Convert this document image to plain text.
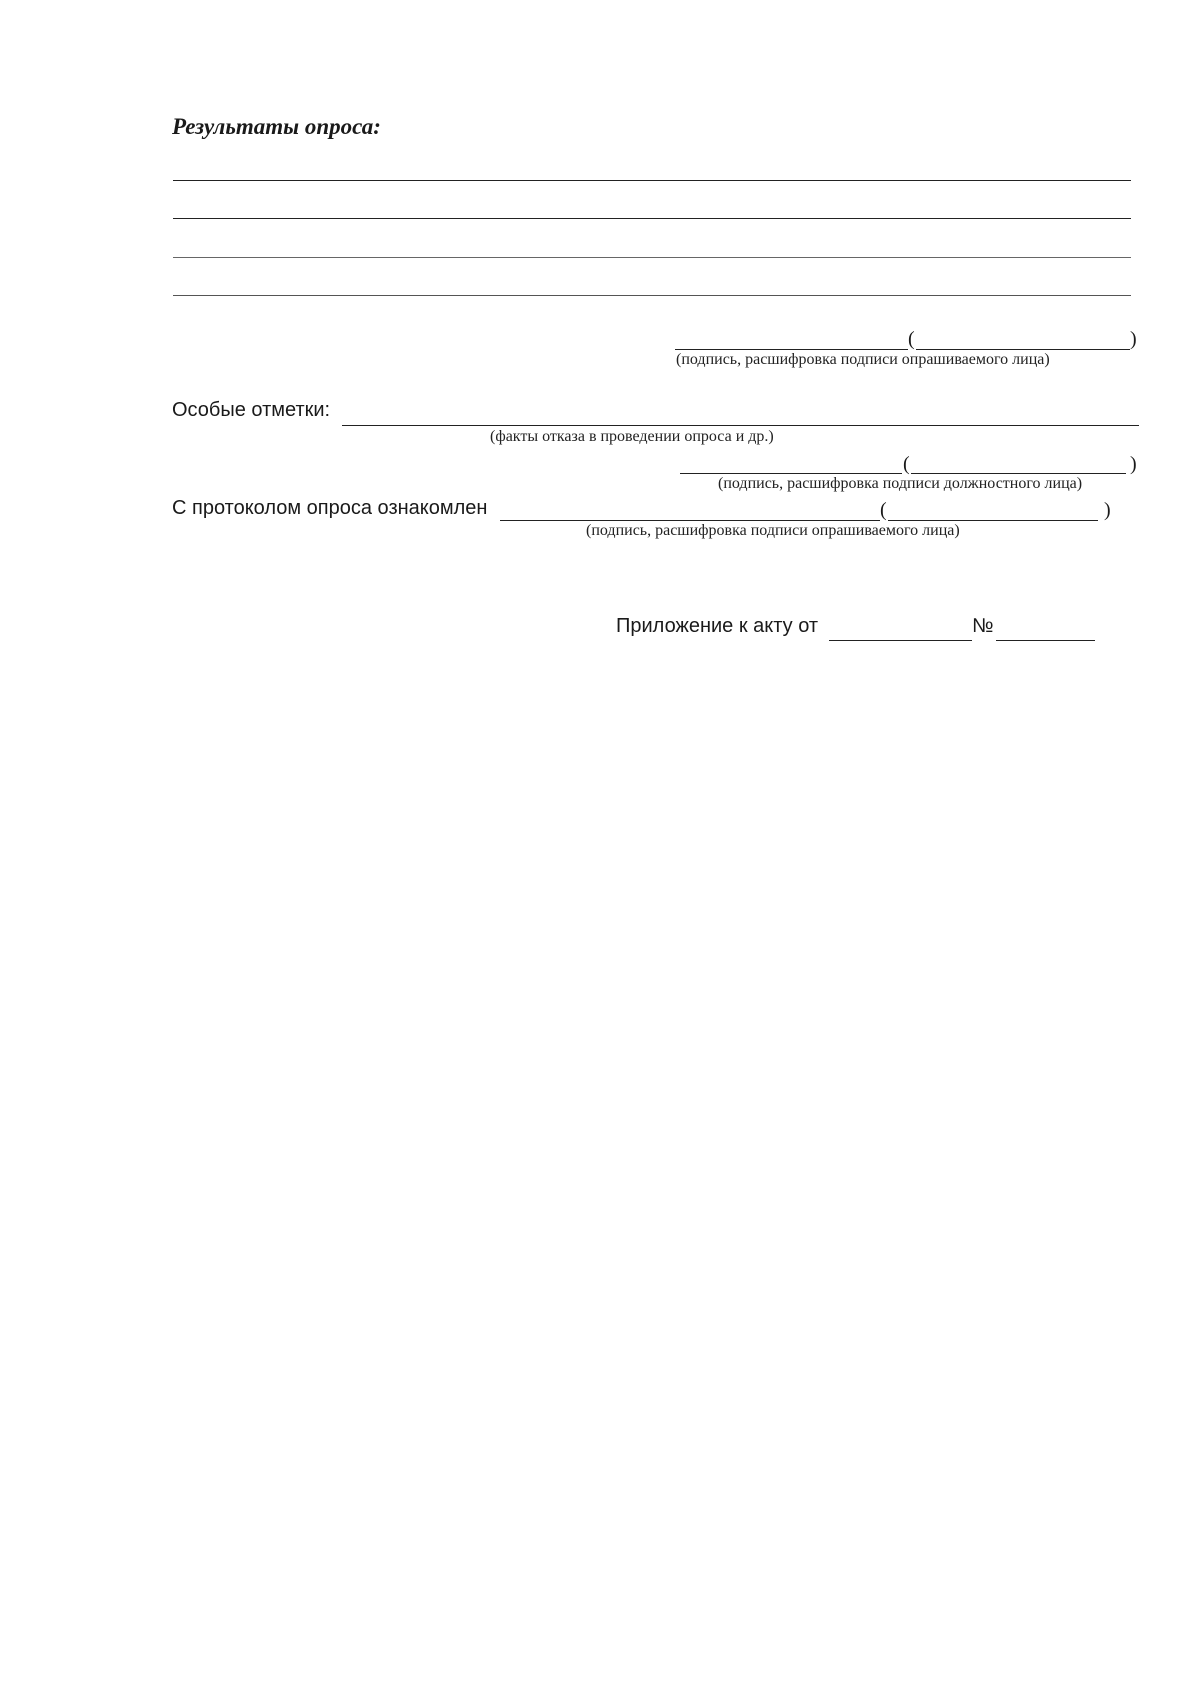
Результаты опроса:
(	)
(подпись, расшифровка подписи опрашиваемого лица)
Особые отметки:
(факты отказа в проведении опроса и др.)
(	)
(подпись, расшифровка подписи должностного лица)
С протоколом опроса ознакомлен	(	)
(подпись, расшифровка подписи опрашиваемого лица)
Приложение к акту от	№
